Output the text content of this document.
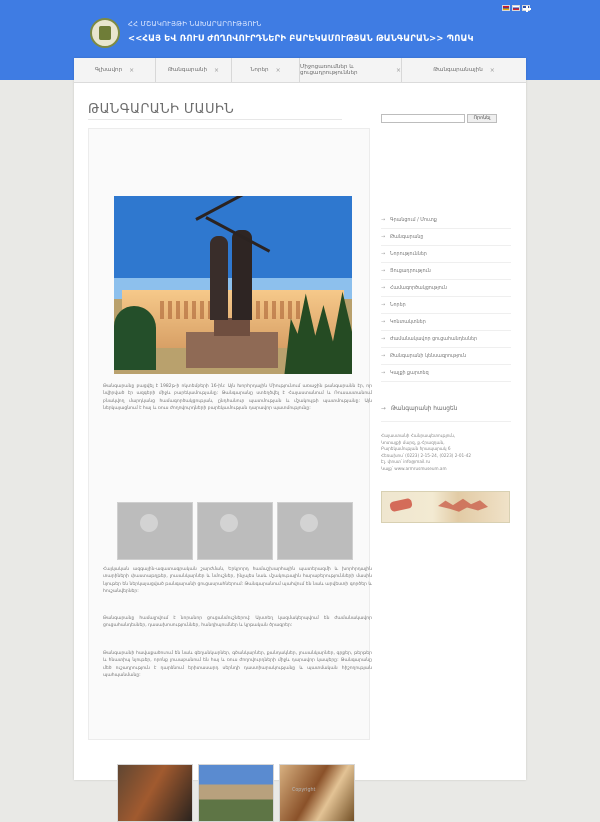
ՀՀ ՄՇԱԿՈՒՅԹԻ ՆԱԽԱՐԱՐՈՒԹՅՈՒՆ
<<ՀԱՅ ԵՎ ՌՈՒՍ ԺՈՂՈՎՈՒՐԴՆԵՐԻ ԲԱՐԵԿԱՄՈՒԹՅԱՆ ԹԱՆԳԱՐԱՆ>> ՊՈԱԿ
Գլխավոր ×	Թանգարանի ×	Նորեր ×	Միջոցառումներ և ցուցադրություններ	×	Թանգարանային ×
ԹԱՆԳԱՐԱՆԻ ՄԱՍԻՆ
Թանգարանը բացվել է 1982թ-ի ոկտեմբերի 16-ին: Այն Խորհրդային Միությունում առաջին թանգարանն էր, որ նվիրված էր ազգերի միջև բարեկամությանը: Թանգարանը ստեղծվել է Հայաստանում և Ռուսաստանում բնակվող մարդկանց համագործակցության, ընդհանուր պատմության և մշակույթի պատմությանը: Այն ներկայացնում է հայ և ռուս ժողովուրդների բարեկամության դարավոր պատմությունը:
Հայկական ազգային-ազատագրական շարժման, Երկրորդ համաշխարհային պատերազմի և խորհրդային տարիների փաստաթղթեր, լուսանկարներ և նմուշներ, ինչպես նաև մշակութային հարաբերությունների մասին նյութեր են ներկայացված թանգարանի ցուցասրահներում: Թանգարանում պահվում են նաև արվեստի գործեր և հուշանվերներ:
Թանգարանը համալրվում է նորանոր ցուցանմուշներով: Այստեղ կազմակերպվում են ժամանակավոր ցուցահանդեսներ, դասախոսություններ, հանդիպումներ և կրթական ծրագրեր:
Թանգարանի հավաքածուում են նաև գեղանկարներ, գծանկարներ, քանդակներ, լուսանկարներ, գրքեր, թերթեր և հնատիպ նյութեր, որոնք լուսաբանում են հայ և ռուս ժողովուրդների միջև դարավոր կապերը: Թանգարանը մեծ ուշադրություն է դարձնում երիտասարդ սերնդի դաստիարակությանը և պատմական հիշողության պահպանմանը:
Որոնել
→ Գրանցում / Մուտք
→ Թանգարանը
→ Նորություններ
→ Ցուցադրություն
→ Համագործակցություն
→ Նորեր
→ Կոնտակտներ
→ Ժամանակավոր ցուցահանդեսներ
→ Թանգարանի կենսագրություն
→ Կայքի քարտեզ
→ Թանգարանի հասցեն
Հայաստանի Հանրապետություն,
Կոտայքի մարզ, ք.Հրազդան,
Բարեկամության հրապարակ 6
Հեռախոս՝ (0223) 2-15-24, (0223) 2-01-42
Էլ. փոստ՝ info@mail.ru
Կայք՝ www.armrusmuseum.am
Copyright
